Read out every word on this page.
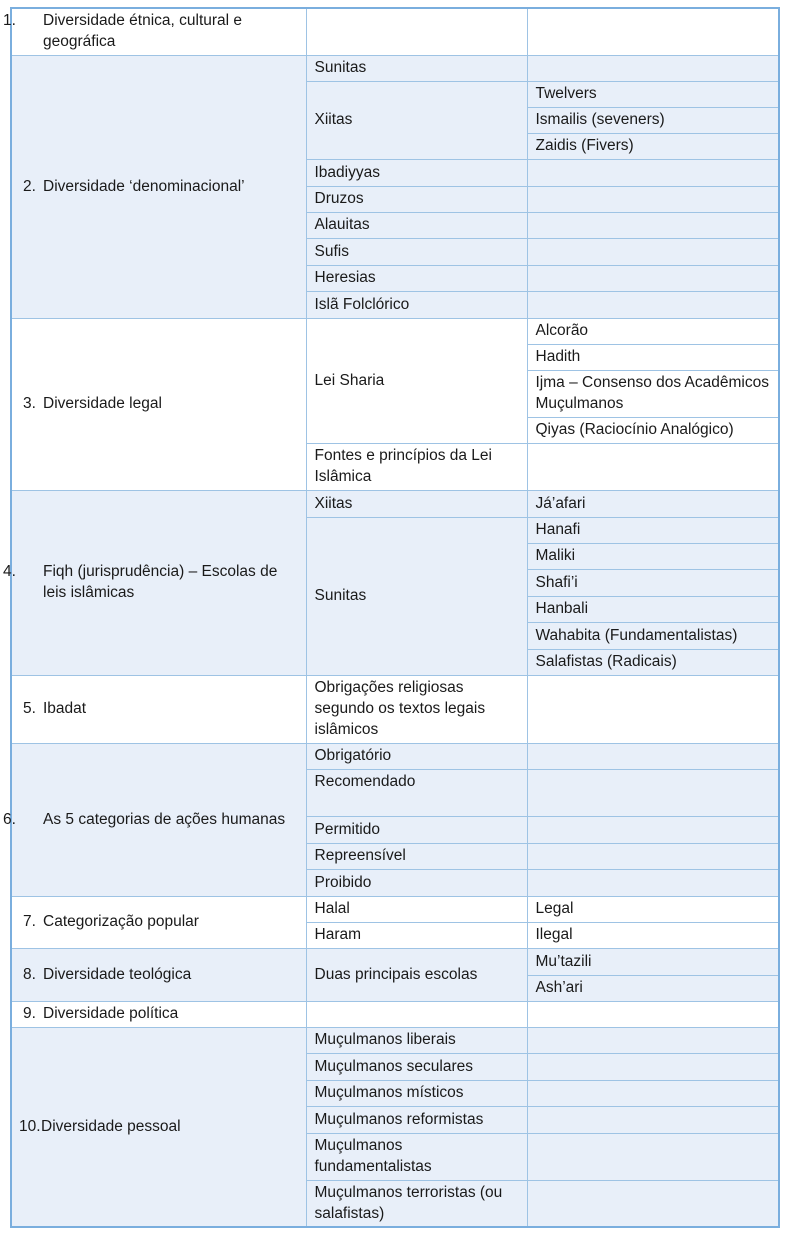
1. Diversidade étnica, cultural e geográfica		

2. Diversidade ‘denominacional’	Sunitas	
	Xiitas	Twelvers
		Ismailis (seveners)
		Zaidis (Fivers)
	Ibadiyyas	
	Druzos	
	Alauitas	
	Sufis	
	Heresias	
	Islã Folclórico	
3. Diversidade legal	Lei Sharia	Alcorão
		Hadith
		Ijma – Consenso dos Acadêmicos Muçulmanos
		Qiyas (Raciocínio Analógico)
	Fontes e princípios da Lei Islâmica	

4. Fiqh (jurisprudência) – Escolas de leis islâmicas	Xiitas	Já’afari
	Sunitas	Hanafi
		Maliki
		Shafi’i
		Hanbali
		Wahabita (Fundamentalistas)
		Salafistas (Radicais)
5. Ibadat	Obrigações religiosas segundo os textos legais islâmicos	

6. As 5 categorias de ações humanas	Obrigatório	
	Recomendado	
	Permitido	
	Repreensível	
	Proibido	
7. Categorização popular	Halal	Legal
	Haram	Ilegal
8. Diversidade teológica	Duas principais escolas	Mu’tazili
		Ash’ari
9. Diversidade política		
10.Diversidade pessoal	Muçulmanos liberais	
	Muçulmanos seculares	
	Muçulmanos místicos	
	Muçulmanos reformistas	
	Muçulmanos fundamentalistas	
	Muçulmanos terroristas (ou salafistas)	
